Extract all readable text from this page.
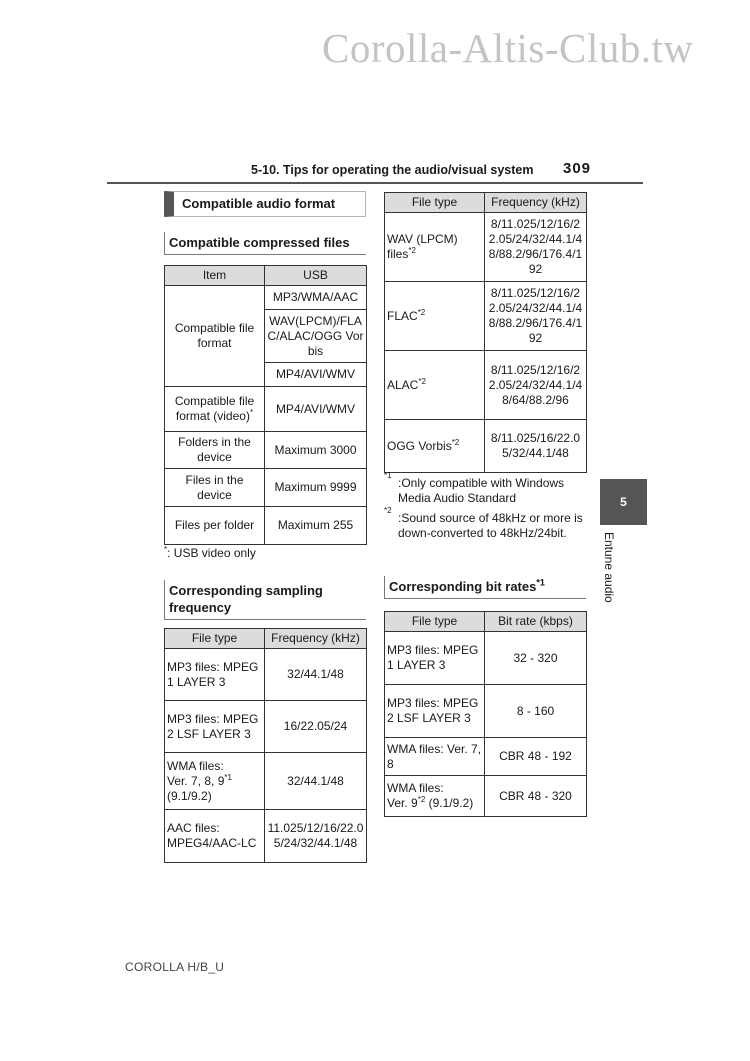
Corolla-Altis-Club.tw
5-10. Tips for operating the audio/visual system 309
5
Entune audio
Compatible audio format
Compatible compressed files
Item	USB
Compatible file format	MP3/WMA/AAC
	WAV(LPCM)/FLAC/ALAC/OGG Vorbis
	MP4/AVI/WMV
Compatible file format (video)*	MP4/AVI/WMV
Folders in the device	Maximum 3000
Files in the device	Maximum 9999
Files per folder	Maximum 255
*: USB video only
Corresponding sampling frequency
File type	Frequency (kHz)
MP3 files: MPEG 1 LAYER 3	32/44.1/48
MP3 files: MPEG 2 LSF LAYER 3	16/22.05/24
WMA files:
Ver. 7, 8, 9$^{*1}$
(9.1/9.2)	32/44.1/48
AAC files: MPEG4/AAC-LC	11.025/12/16/22.05/24/32/44.1/48
File type	Frequency (kHz)
WAV (LPCM) files$^{*2}$	8/11.025/12/16/22.05/24/32/44.1/48/88.2/96/176.4/192
FLAC$^{*2}$	8/11.025/12/16/22.05/24/32/44.1/48/88.2/96/176.4/192
ALAC$^{*2}$	8/11.025/12/16/22.05/24/32/44.1/48/64/88.2/96
OGG Vorbis$^{*2}$	8/11.025/16/22.05/32/44.1/48
*1
:Only compatible with Windows Media Audio Standard
*2
:Sound source of 48kHz or more is down-converted to 48kHz/24bit.
Corresponding bit rates$^{*1}$
File type	Bit rate (kbps)
MP3 files: MPEG 1 LAYER 3	32 - 320
MP3 files: MPEG 2 LSF LAYER 3	8 - 160
WMA files: Ver. 7, 8	CBR 48 - 192
WMA files:
Ver. 9$^{*2}$ (9.1/9.2)	CBR 48 - 320
COROLLA H/B_U
